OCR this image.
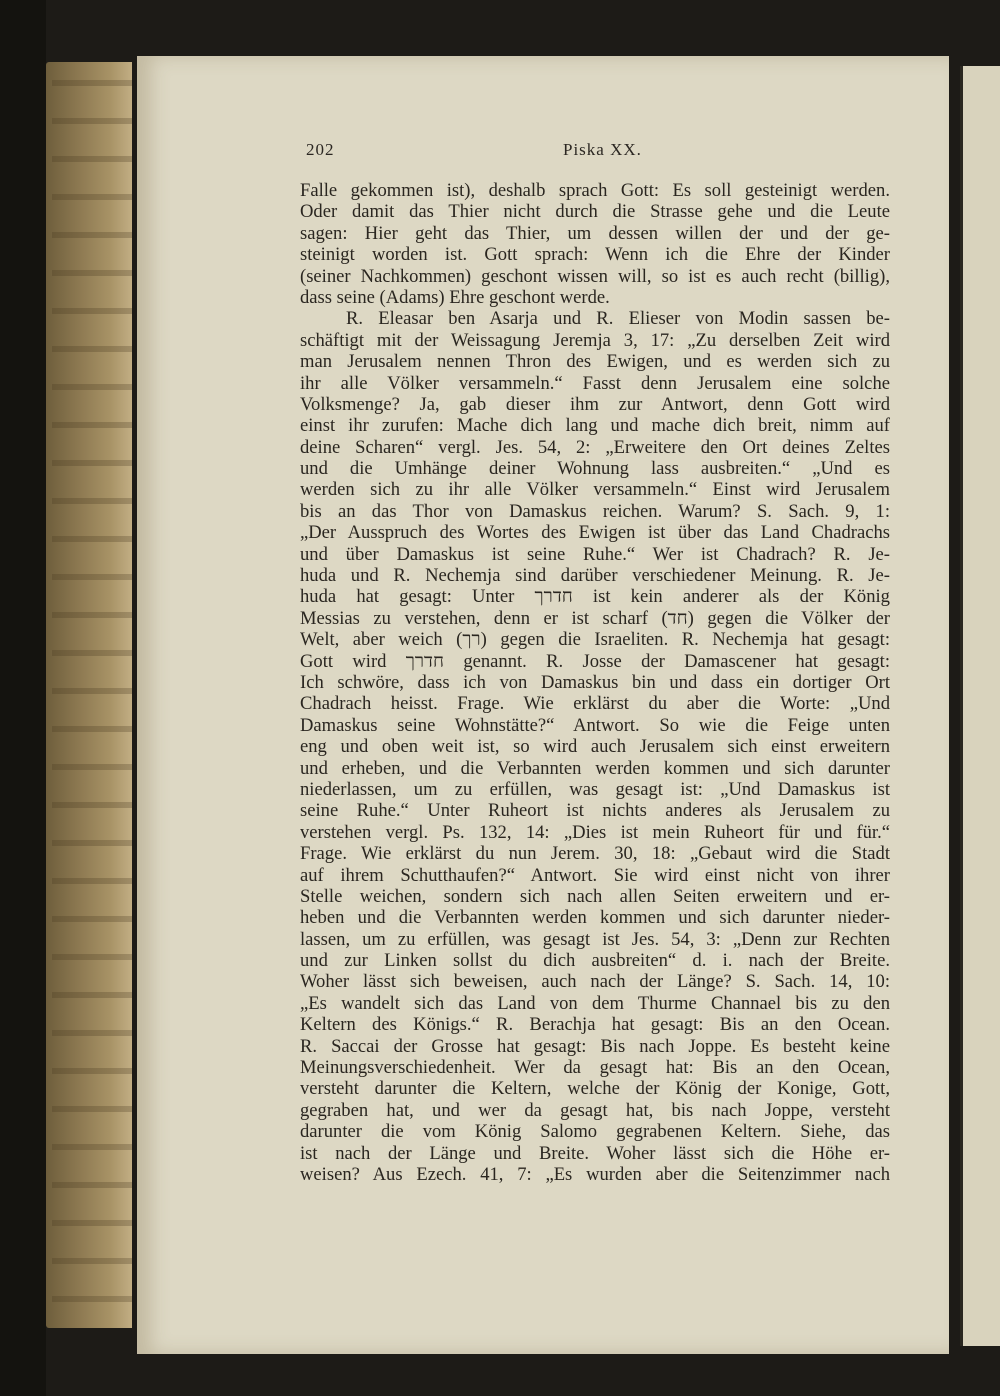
202	Piska XX.
Falle gekommen ist), deshalb sprach Gott: Es soll gesteinigt werden.
Oder damit das Thier nicht durch die Strasse gehe und die Leute
sagen: Hier geht das Thier, um dessen willen der und der ge-
steinigt worden ist. Gott sprach: Wenn ich die Ehre der Kinder
(seiner Nachkommen) geschont wissen will, so ist es auch recht (billig),
dass seine (Adams) Ehre geschont werde.
R. Eleasar ben Asarja und R. Elieser von Modin sassen be-
schäftigt mit der Weissagung Jeremja 3, 17: „Zu derselben Zeit wird
man Jerusalem nennen Thron des Ewigen, und es werden sich zu
ihr alle Völker versammeln.“ Fasst denn Jerusalem eine solche
Volksmenge? Ja, gab dieser ihm zur Antwort, denn Gott wird
einst ihr zurufen: Mache dich lang und mache dich breit, nimm auf
deine Scharen“ vergl. Jes. 54, 2: „Erweitere den Ort deines Zeltes
und die Umhänge deiner Wohnung lass ausbreiten.“ „Und es
werden sich zu ihr alle Völker versammeln.“ Einst wird Jerusalem
bis an das Thor von Damaskus reichen. Warum? S. Sach. 9, 1:
„Der Ausspruch des Wortes des Ewigen ist über das Land Chadrachs
und über Damaskus ist seine Ruhe.“ Wer ist Chadrach? R. Je-
huda und R. Nechemja sind darüber verschiedener Meinung. R. Je-
huda hat gesagt: Unter חדרך ist kein anderer als der König
Messias zu verstehen, denn er ist scharf (חד) gegen die Völker der
Welt, aber weich (רך) gegen die Israeliten. R. Nechemja hat gesagt:
Gott wird חדרך genannt. R. Josse der Damascener hat gesagt:
Ich schwöre, dass ich von Damaskus bin und dass ein dortiger Ort
Chadrach heisst. Frage. Wie erklärst du aber die Worte: „Und
Damaskus seine Wohnstätte?“ Antwort. So wie die Feige unten
eng und oben weit ist, so wird auch Jerusalem sich einst erweitern
und erheben, und die Verbannten werden kommen und sich darunter
niederlassen, um zu erfüllen, was gesagt ist: „Und Damaskus ist
seine Ruhe.“ Unter Ruheort ist nichts anderes als Jerusalem zu
verstehen vergl. Ps. 132, 14: „Dies ist mein Ruheort für und für.“
Frage. Wie erklärst du nun Jerem. 30, 18: „Gebaut wird die Stadt
auf ihrem Schutthaufen?“ Antwort. Sie wird einst nicht von ihrer
Stelle weichen, sondern sich nach allen Seiten erweitern und er-
heben und die Verbannten werden kommen und sich darunter nieder-
lassen, um zu erfüllen, was gesagt ist Jes. 54, 3: „Denn zur Rechten
und zur Linken sollst du dich ausbreiten“ d. i. nach der Breite.
Woher lässt sich beweisen, auch nach der Länge? S. Sach. 14, 10:
„Es wandelt sich das Land von dem Thurme Channael bis zu den
Keltern des Königs.“ R. Berachja hat gesagt: Bis an den Ocean.
R. Saccai der Grosse hat gesagt: Bis nach Joppe. Es besteht keine
Meinungsverschiedenheit. Wer da gesagt hat: Bis an den Ocean,
versteht darunter die Keltern, welche der König der Konige, Gott,
gegraben hat, und wer da gesagt hat, bis nach Joppe, versteht
darunter die vom König Salomo gegrabenen Keltern. Siehe, das
ist nach der Länge und Breite. Woher lässt sich die Höhe er-
weisen? Aus Ezech. 41, 7: „Es wurden aber die Seitenzimmer nach
